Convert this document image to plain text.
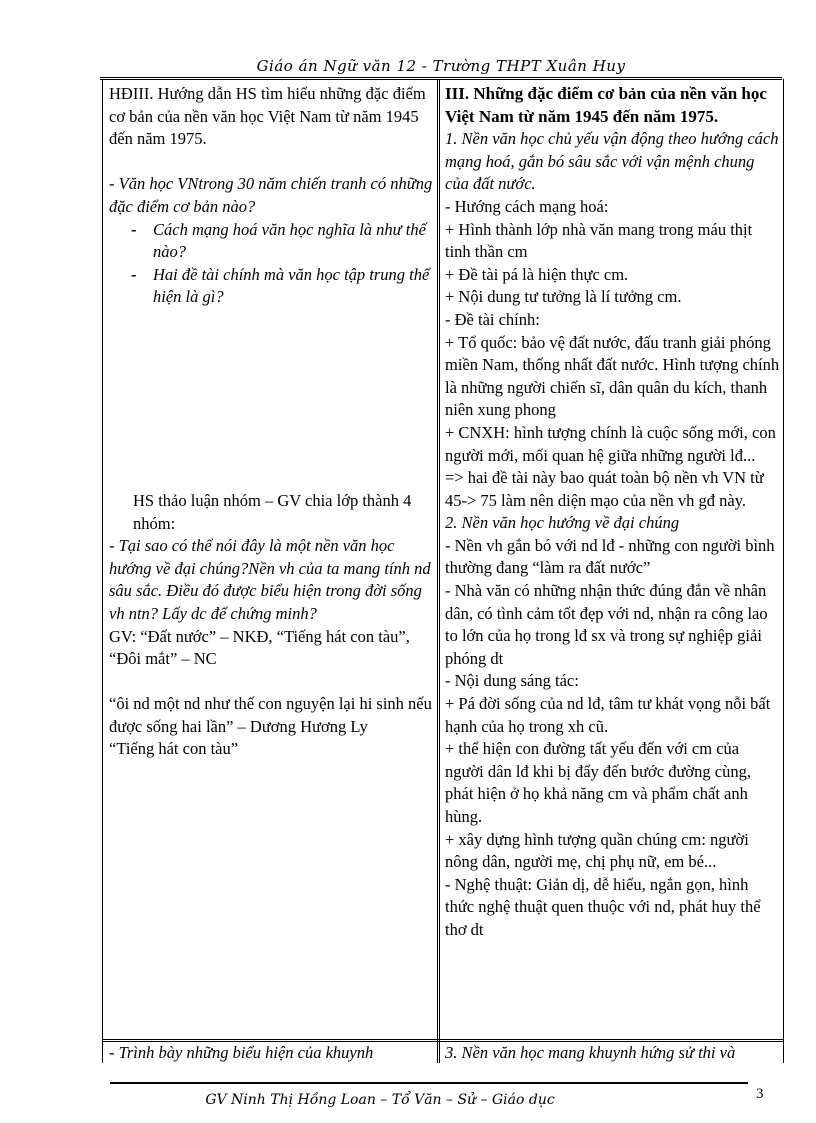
Giáo án Ngữ văn 12 - Trường THPT Xuân Huy

HĐIII. Hướng dẫn HS tìm hiểu những đặc điểm cơ bản của nền văn học Việt Nam từ năm 1945 đến năm 1975.

- Văn học VNtrong 30 năm chiến tranh có những đặc điểm cơ bản nào?

- Cách mạng hoá văn học nghĩa là như thế nào?
- Hai đề tài chính mà văn học tập trung thể hiện là gì?

HS thảo luận nhóm – GV chia lớp thành 4 nhóm:

- Tại sao có thể nói đây là một nền văn học hướng về đại chúng?Nền vh của ta mang tính nd sâu sắc. Điều đó được biểu hiện trong đời sống vh ntn? Lấy dc để chứng minh?

GV: “Đất nước” – NKĐ, “Tiếng hát con tàu”, “Đôi mắt” – NC

“ôi nd một nd như thế con nguyện lại hi sinh nếu được sống hai lần” – Dương Hương Ly

“Tiếng hát con tàu”

III. Những đặc điểm cơ bản của nền văn học Việt Nam từ năm 1945 đến năm 1975.

1. Nền văn học chủ yếu vận động theo hướng cách mạng hoá, gắn bó sâu sắc với vận mệnh chung của đất nước.

- Hướng cách mạng hoá:

+ Hình thành lớp nhà văn mang trong máu thịt tinh thần cm

+ Đề tài pá là hiện thực cm.

+ Nội dung tư tưởng là lí tưởng cm.

- Đề tài chính:

+ Tổ quốc: bảo vệ đất nước, đấu tranh giải phóng miền Nam, thống nhất đất nước. Hình tượng chính là những người chiến sĩ, dân quân du kích, thanh niên xung phong

+ CNXH: hình tượng chính là cuộc sống mới, con người mới, mối quan hệ giữa những người lđ...

=> hai đề tài này bao quát toàn bộ nền vh VN từ 45-> 75 làm nên diện mạo của nền vh gđ này.

2. Nền văn học hướng về đại chúng

- Nền vh gắn bó với nd lđ - những con người bình thường đang “làm ra đất nước”

- Nhà văn có những nhận thức đúng đắn về nhân dân, có tình cảm tốt đẹp với nd, nhận ra công lao to lớn của họ trong lđ sx và trong sự nghiệp giải phóng dt

- Nội dung sáng tác:

+ Pá đời sống của nd lđ, tâm tư khát vọng nỗi bất hạnh của họ trong xh cũ.

+ thể hiện con đường tất yếu đến với cm của người dân lđ khi bị đẩy đến bước đường cùng, phát hiện ở họ khả năng cm và phẩm chất anh hùng.

+ xây dựng hình tượng quần chúng cm: người nông dân, người mẹ, chị phụ nữ, em bé...

- Nghệ thuật: Giản dị, dễ hiểu, ngắn gọn, hình thức nghệ thuật quen thuộc với nd, phát huy thể thơ dt

- Trình bày những biểu hiện của khuynh	3. Nền văn học mang khuynh hứng sử thi và
GV Ninh Thị Hồng Loan – Tổ Văn – Sử – Giáo dục	3
